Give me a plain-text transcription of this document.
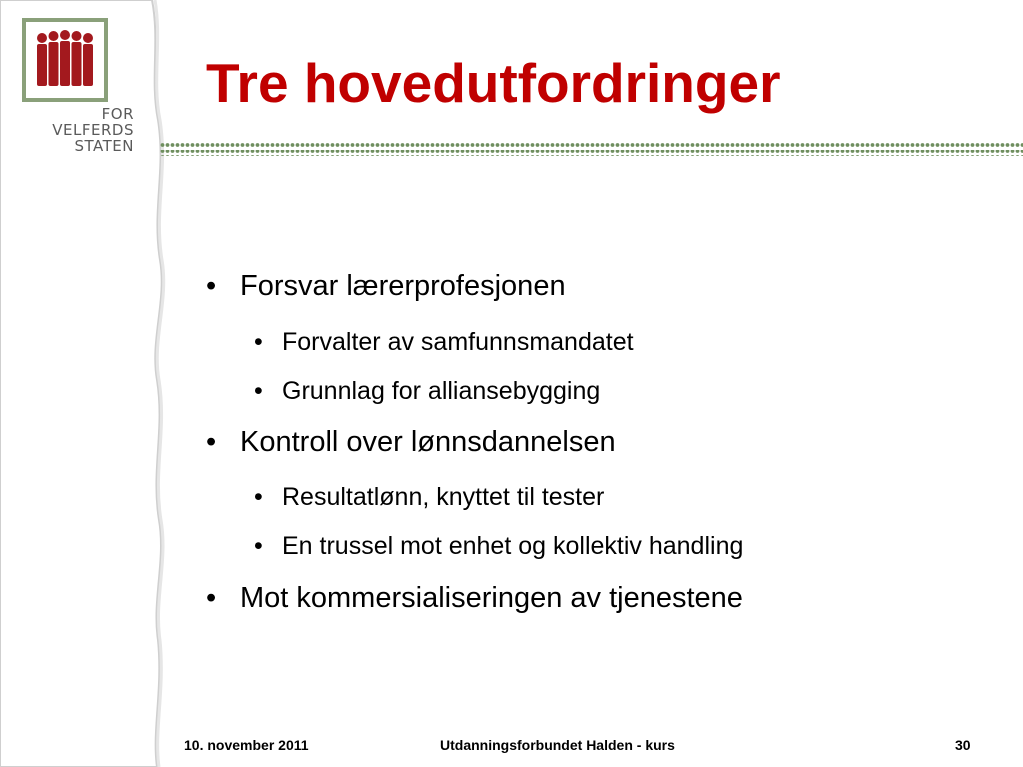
FOR
VELFERDS
STATEN
Tre hovedutfordringer
• Forsvar lærerprofesjonen
• Forvalter av samfunnsmandatet
• Grunnlag for alliansebygging
• Kontroll over lønnsdannelsen
• Resultatlønn, knyttet til tester
• En trussel mot enhet og kollektiv handling
• Mot kommersialiseringen av tjenestene
10. november 2011	Utdanningsforbundet Halden - kurs	30
